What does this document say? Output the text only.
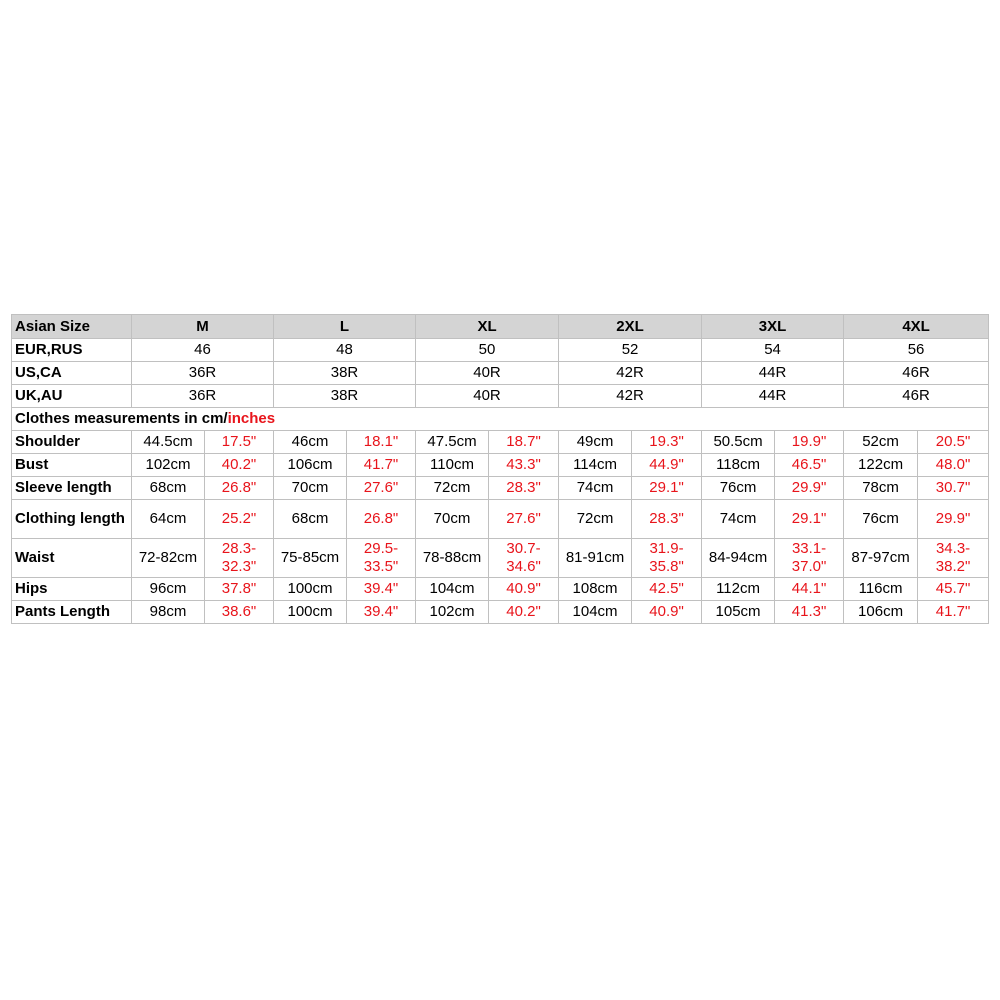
Asian Size	M		L		XL		2XL		3XL		4XL	
EUR,RUS	46		48		50		52		54		56	
US,CA	36R		38R		40R		42R		44R		46R	
UK,AU	36R		38R		40R		42R		44R		46R	
Clothes measurements in cm/inches												
Shoulder	44.5cm	17.5"	46cm	18.1"	47.5cm	18.7"	49cm	19.3"	50.5cm	19.9"	52cm	20.5"
Bust	102cm	40.2"	106cm	41.7"	110cm	43.3"	114cm	44.9"	118cm	46.5"	122cm	48.0"
Sleeve length	68cm	26.8"	70cm	27.6"	72cm	28.3"	74cm	29.1"	76cm	29.9"	78cm	30.7"
Clothing length	64cm	25.2"	68cm	26.8"	70cm	27.6"	72cm	28.3"	74cm	29.1"	76cm	29.9"
Waist	72-82cm	28.3-32.3"	75-85cm	29.5-33.5"	78-88cm	30.7-34.6"	81-91cm	31.9-35.8"	84-94cm	33.1-37.0"	87-97cm	34.3-38.2"
Hips	96cm	37.8"	100cm	39.4"	104cm	40.9"	108cm	42.5"	112cm	44.1"	116cm	45.7"
Pants Length	98cm	38.6"	100cm	39.4"	102cm	40.2"	104cm	40.9"	105cm	41.3"	106cm	41.7"
